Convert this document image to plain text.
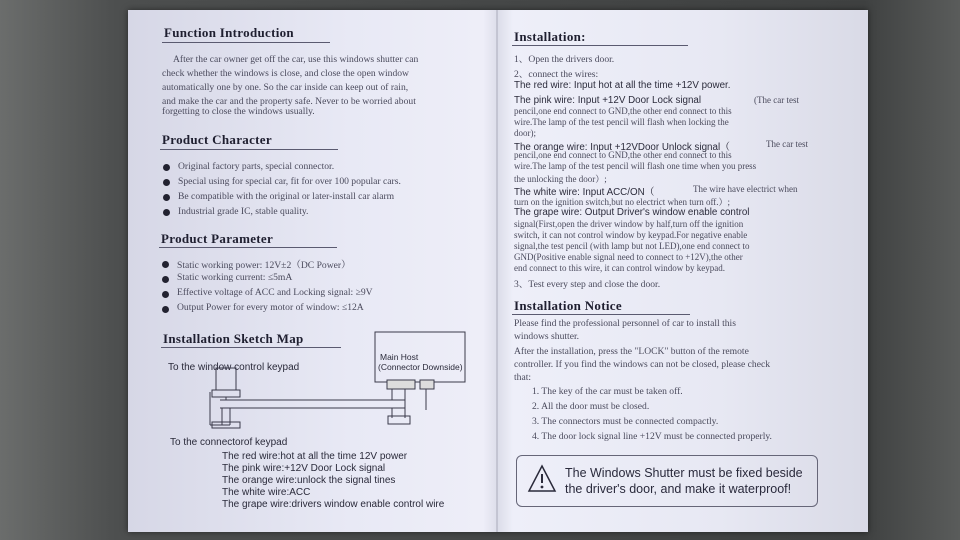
Function Introduction
After the car owner get off the car, use this windows shutter can
check whether the windows is close, and close the open window
automatically one by one. So the car inside can keep out of rain,
and make the car and the property safe. Never to be worried about
forgetting to close the windows usually.
Product Character
Original factory parts, special connector.
Special using for special car, fit for over 100 popular cars.
Be compatible with the original or later-install car alarm
Industrial grade IC, stable quality.
Product Parameter
Static working power: 12V±2（DC Power）
Static working current: ≤5mA
Effective voltage of ACC and Locking signal: ≥9V
Output Power for every motor of window: ≤12A
Installation Sketch Map
To the window control keypad
Main Host
(Connector Downside)
To the connectorof keypad
The red wire:hot at all the time 12V power
The pink wire:+12V Door Lock signal
The orange wire:unlock the signal tines
The white wire:ACC
The grape wire:drivers window enable control wire
Installation:
1、Open the drivers door.
2、connect the wires:
The red wire: Input hot at all the time +12V power.
The pink wire: Input +12V Door Lock signal	(The car test
pencil,one end connect to GND,the other end connect to this
wire.The lamp of the test pencil will flash when locking the
door);
The orange wire: Input +12VDoor Unlock signal（	The car test
pencil,one end connect to GND,the other end connect to this
wire.The lamp of the test pencil will flash one time when you press
the unlocking the door）;
The white wire: Input ACC/ON（	The wire have electrict when
turn on the ignition switch,but no electrict when turn off.）;
The grape wire: Output Driver's window enable control
signal(First,open the driver window by half,turn off the ignition
switch, it can not control window by keypad.For negative enable
signal,the test pencil (with lamp but not LED),one end connect to
GND(Positive enable signal need to connect to +12V),the other
end connect to this wire, it can control window by keypad.
3、Test every step and close the door.
Installation Notice
Please find the professional personnel of car to install this
windows shutter.
After the installation, press the "LOCK" button of the remote
controller. If you find the windows can not be closed, please check
that:
1. The key of the car must be taken off.
2. All the door must be closed.
3. The connectors must be connected compactly.
4. The door lock signal line +12V must be connected properly.
The Windows Shutter must be fixed beside
the driver's door, and make it waterproof!
